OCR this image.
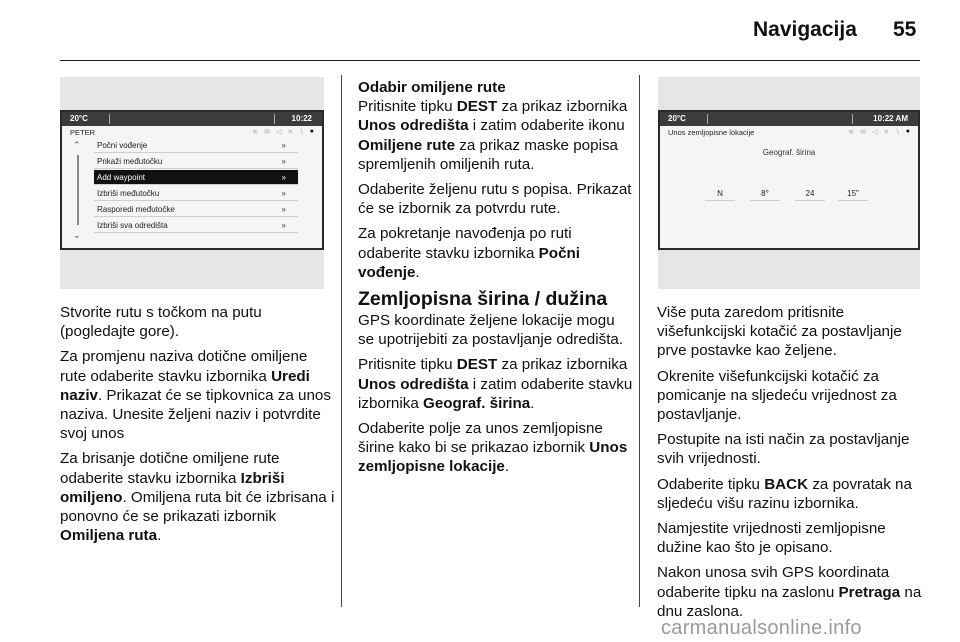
Navigacija 55
20°C	10:22
PETER	≋ ✉ ◁ ✕ ∖ ●
⌃
⌄
Počni vođenje	»
Prikaži međutočku	»
Add waypoint	»
Izbriši međutočku	»
Rasporedi međutočke	»
Izbriši sva odredišta	»
20°C	10:22 AM
Unos zemljopisne lokacije	≋ ✉ ◁ ✕ ∖ ●
Geograf. širina
N	8°	24	15"

Stvorite rutu s točkom na putu (pogledajte gore).

Za promjenu naziva dotične omiljene rute odaberite stavku izbornika Uredi naziv. Prikazat će se tipkovnica za unos naziva. Unesite željeni naziv i potvrdite svoj unos

Za brisanje dotične omiljene rute odaberite stavku izbornika Izbriši omiljeno. Omiljena ruta bit će izbrisana i ponovno će se prikazati izbornik Omiljena ruta.

Odabir omiljene rute

Pritisnite tipku DEST za prikaz izbornika Unos odredišta i zatim odaberite ikonu Omiljene rute za prikaz maske popisa spremljenih omiljenih ruta.

Odaberite željenu rutu s popisa. Prikazat će se izbornik za potvrdu rute.

Za pokretanje navođenja po ruti odaberite stavku izbornika Počni vođenje.

Zemljopisna širina / dužina

GPS koordinate željene lokacije mogu se upotrijebiti za postavljanje odredišta.

Pritisnite tipku DEST za prikaz izbornika Unos odredišta i zatim odaberite stavku izbornika Geograf. širina.

Odaberite polje za unos zemljopisne širine kako bi se prikazao izbornik Unos zemljopisne lokacije.

Više puta zaredom pritisnite višefunkcijski kotačić za postavljanje prve postavke kao željene.

Okrenite višefunkcijski kotačić za pomicanje na sljedeću vrijednost za postavljanje.

Postupite na isti način za postavljanje svih vrijednosti.

Odaberite tipku BACK za povratak na sljedeću višu razinu izbornika.

Namjestite vrijednosti zemljopisne dužine kao što je opisano.

Nakon unosa svih GPS koordinata odaberite tipku na zaslonu Pretraga na dnu zaslona.

carmanualsonline.info
